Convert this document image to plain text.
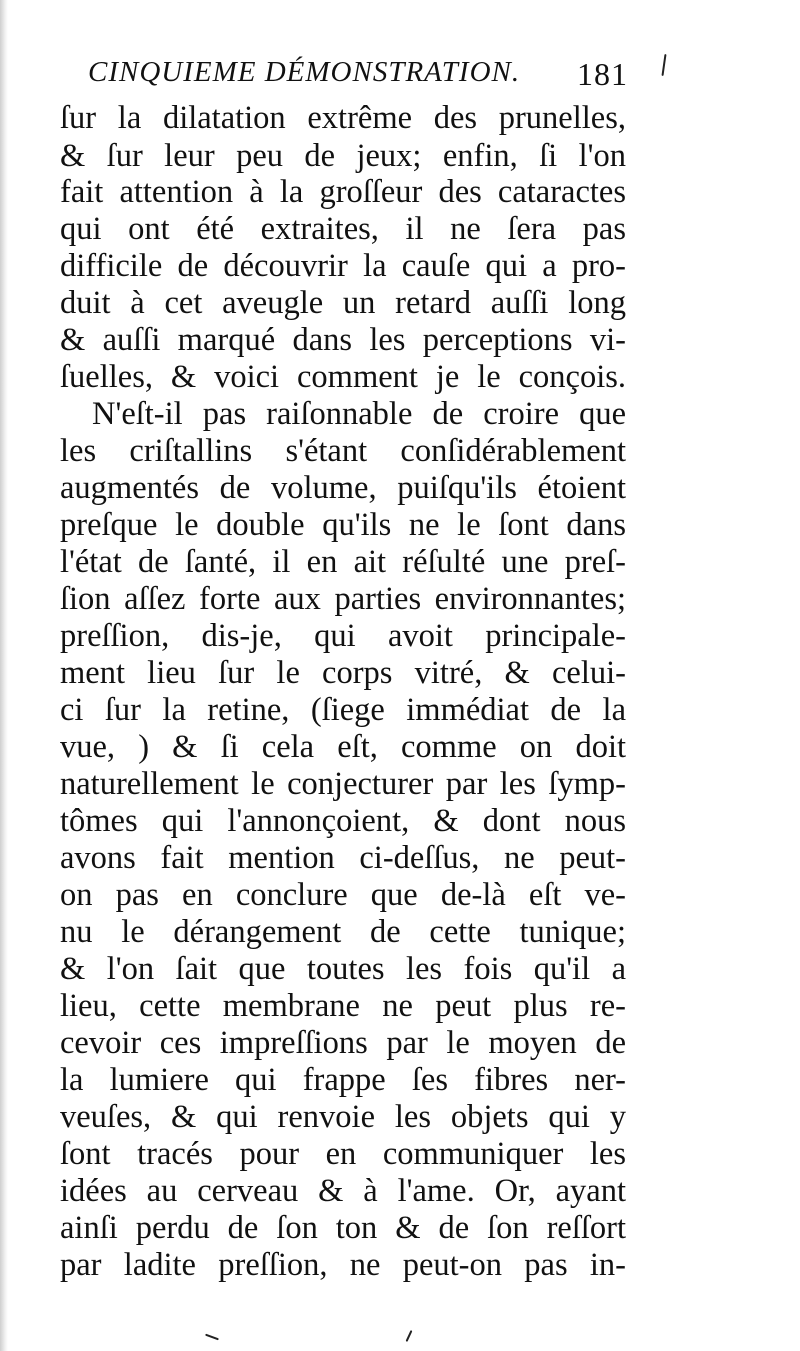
CINQUIEME DÉMONSTRATION. 181
ſur la dilatation extrême des prunelles,
& ſur leur peu de jeux; enfin, ſi l'on
fait attention à la groſſeur des cataractes
qui ont été extraites, il ne ſera pas
difficile de découvrir la cauſe qui a pro-
duit à cet aveugle un retard auſſi long
& auſſi marqué dans les perceptions vi-
ſuelles, & voici comment je le conçois.
N'eſt-il pas raiſonnable de croire que
les criſtallins s'étant conſidérablement
augmentés de volume, puiſqu'ils étoient
preſque le double qu'ils ne le ſont dans
l'état de ſanté, il en ait réſulté une preſ-
ſion aſſez forte aux parties environnantes;
preſſion, dis-je, qui avoit principale-
ment lieu ſur le corps vitré, & celui-
ci ſur la retine, (ſiege immédiat de la
vue, ) & ſi cela eſt, comme on doit
naturellement le conjecturer par les ſymp-
tômes qui l'annonçoient, & dont nous
avons fait mention ci-deſſus, ne peut-
on pas en conclure que de-là eſt ve-
nu le dérangement de cette tunique;
& l'on ſait que toutes les fois qu'il a
lieu, cette membrane ne peut plus re-
cevoir ces impreſſions par le moyen de
la lumiere qui frappe ſes fibres ner-
veuſes, & qui renvoie les objets qui y
ſont tracés pour en communiquer les
idées au cerveau & à l'ame. Or, ayant
ainſi perdu de ſon ton & de ſon reſſort
par ladite preſſion, ne peut-on pas in-
